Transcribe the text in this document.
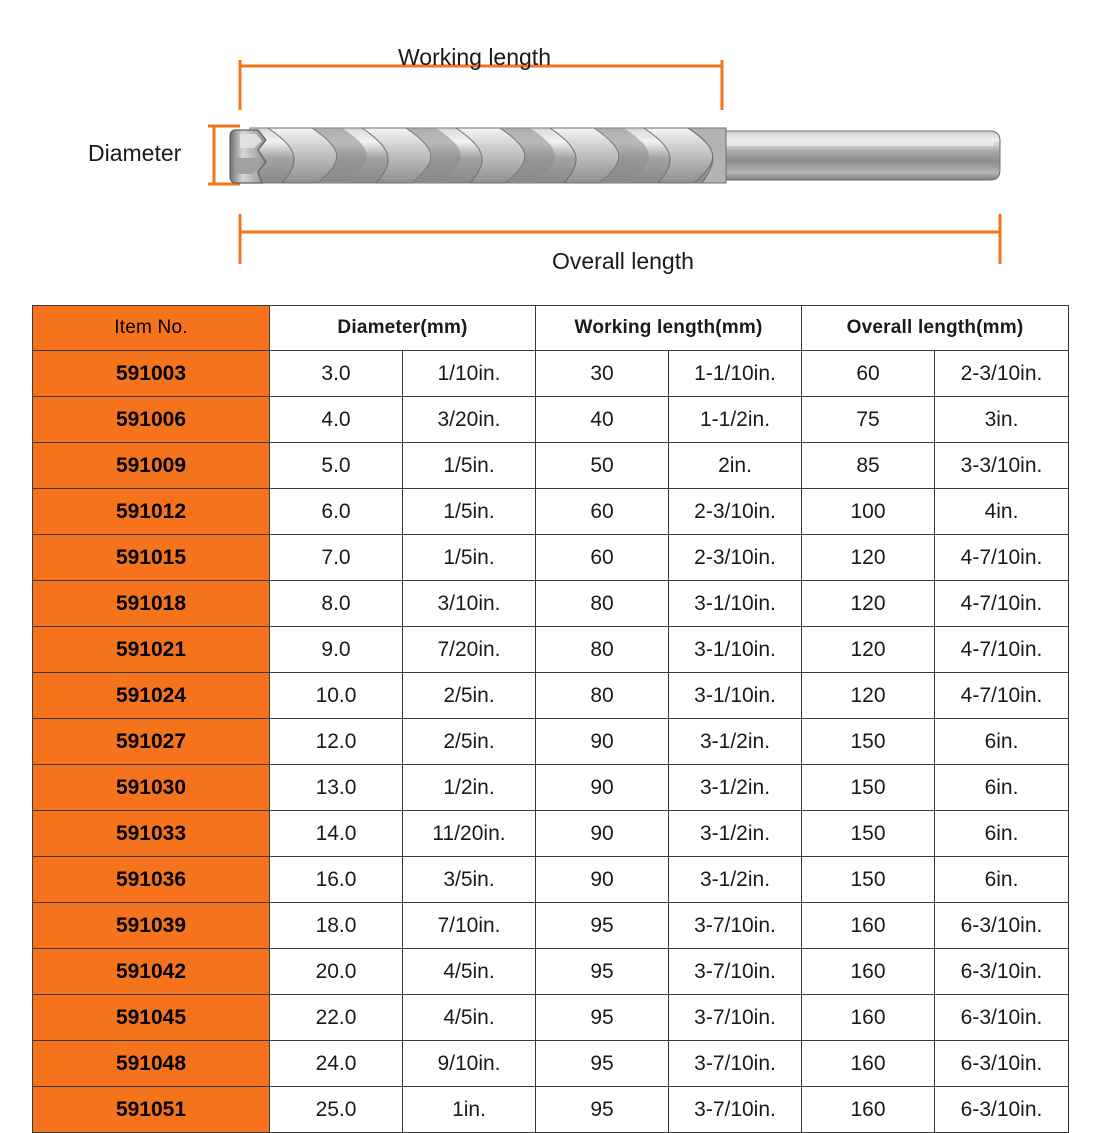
Working length
Overall length
Diameter
Item No.	Diameter(mm)		Working length(mm)		Overall length(mm)	
591003	3.0	1/10in.	30	1-1/10in.	60	2-3/10in.
591006	4.0	3/20in.	40	1-1/2in.	75	3in.
591009	5.0	1/5in.	50	2in.	85	3-3/10in.
591012	6.0	1/5in.	60	2-3/10in.	100	4in.
591015	7.0	1/5in.	60	2-3/10in.	120	4-7/10in.
591018	8.0	3/10in.	80	3-1/10in.	120	4-7/10in.
591021	9.0	7/20in.	80	3-1/10in.	120	4-7/10in.
591024	10.0	2/5in.	80	3-1/10in.	120	4-7/10in.
591027	12.0	2/5in.	90	3-1/2in.	150	6in.
591030	13.0	1/2in.	90	3-1/2in.	150	6in.
591033	14.0	11/20in.	90	3-1/2in.	150	6in.
591036	16.0	3/5in.	90	3-1/2in.	150	6in.
591039	18.0	7/10in.	95	3-7/10in.	160	6-3/10in.
591042	20.0	4/5in.	95	3-7/10in.	160	6-3/10in.
591045	22.0	4/5in.	95	3-7/10in.	160	6-3/10in.
591048	24.0	9/10in.	95	3-7/10in.	160	6-3/10in.
591051	25.0	1in.	95	3-7/10in.	160	6-3/10in.
